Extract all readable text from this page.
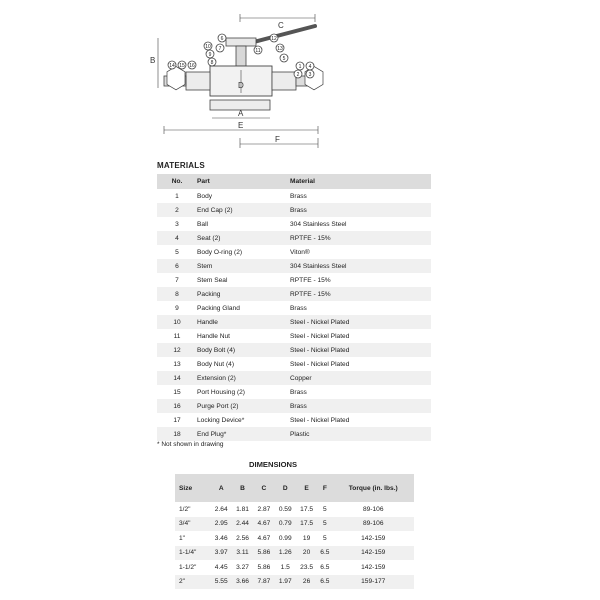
C
D
B
A
E
F
14 15 16
10
9
8
6
7	11
12
13
5
1
2 3
4
MATERIALS
No.	Part	Material
1	Body	Brass
2	End Cap (2)	Brass
3	Ball	304 Stainless Steel
4	Seat (2)	RPTFE - 15%
5	Body O-ring (2)	Viton®
6	Stem	304 Stainless Steel
7	Stem Seal	RPTFE - 15%
8	Packing	RPTFE - 15%
9	Packing Gland	Brass
10	Handle	Steel - Nickel Plated
11	Handle Nut	Steel - Nickel Plated
12	Body Bolt (4)	Steel - Nickel Plated
13	Body Nut (4)	Steel - Nickel Plated
14	Extension (2)	Copper
15	Port Housing (2)	Brass
16	Purge Port (2)	Brass
17	Locking Device*	Steel - Nickel Plated
18	End Plug*	Plastic
* Not shown in drawing
DIMENSIONS
Size	A	B	C	D	E	F	Torque (in. lbs.)
1/2"	2.64	1.81	2.87	0.59	17.5	5	89-106
3/4"	2.95	2.44	4.67	0.79	17.5	5	89-106
1"	3.46	2.56	4.67	0.99	19	5	142-159
1-1/4"	3.97	3.11	5.86	1.26	20	6.5	142-159
1-1/2"	4.45	3.27	5.86	1.5	23.5	6.5	142-159
2"	5.55	3.66	7.87	1.97	26	6.5	159-177
